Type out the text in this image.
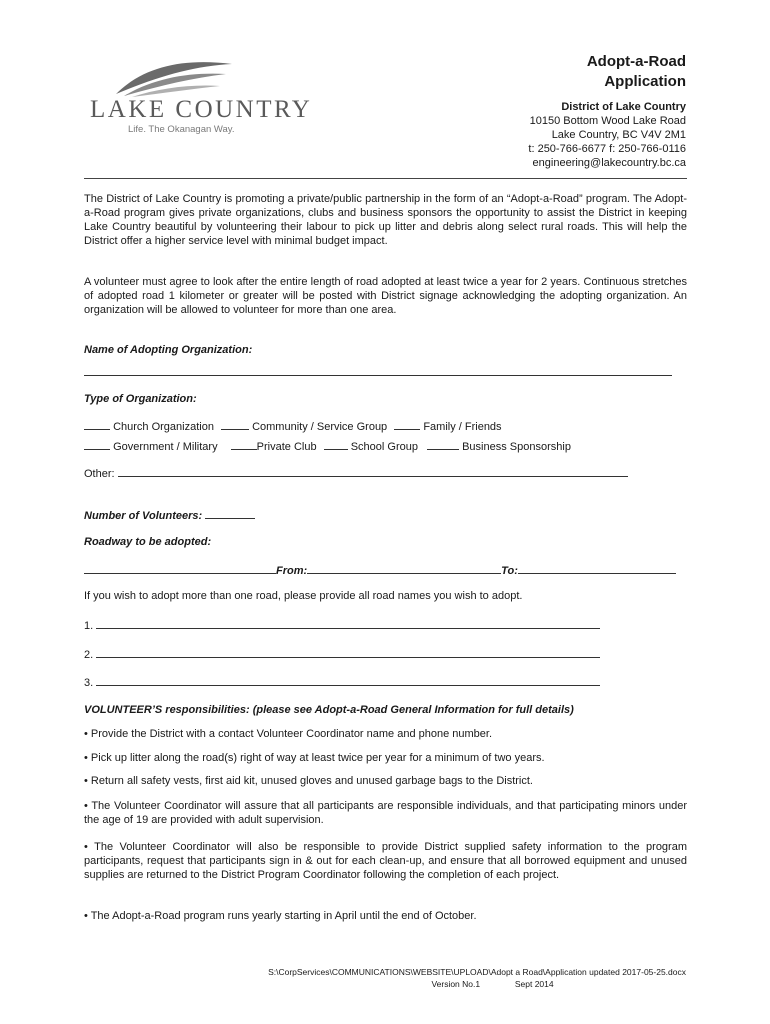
LAKE COUNTRY
Life. The Okanagan Way.
Adopt-a-Road
Application
District of Lake Country
10150 Bottom Wood Lake Road
Lake Country, BC V4V 2M1
t: 250-766-6677 f: 250-766-0116
engineering@lakecountry.bc.ca
The District of Lake Country is promoting a private/public partnership in the form of an “Adopt-a-Road” program. The Adopt-a-Road program gives private organizations, clubs and business sponsors the opportunity to assist the District in keeping Lake Country beautiful by volunteering their labour to pick up litter and debris along select rural roads. This will help the District offer a higher service level with minimal budget impact.
A volunteer must agree to look after the entire length of road adopted at least twice a year for 2 years. Continuous stretches of adopted road 1 kilometer or greater will be posted with District signage acknowledging the adopting organization. An organization will be allowed to volunteer for more than one area.
Name of Adopting Organization:
Type of Organization:
Church Organization	Community / Service Group	Family / Friends
Government / Military	Private Club	School Group	Business Sponsorship
Other:
Number of Volunteers:
Roadway to be adopted:
From:	To:
If you wish to adopt more than one road, please provide all road names you wish to adopt.
1.
2.
3.
VOLUNTEER’S responsibilities: (please see Adopt-a-Road General Information for full details)
• Provide the District with a contact Volunteer Coordinator name and phone number.
• Pick up litter along the road(s) right of way at least twice per year for a minimum of two years.
• Return all safety vests, first aid kit, unused gloves and unused garbage bags to the District.
• The Volunteer Coordinator will assure that all participants are responsible individuals, and that participating minors under the age of 19 are provided with adult supervision.
• The Volunteer Coordinator will also be responsible to provide District supplied safety information to the program participants, request that participants sign in & out for each clean-up, and ensure that all borrowed equipment and unused supplies are returned to the District Program Coordinator following the completion of each project.
• The Adopt-a-Road program runs yearly starting in April until the end of October.
S:\CorpServices\COMMUNICATIONS\WEBSITE\UPLOAD\Adopt a Road\Application updated 2017-05-25.docx
Version No.1	Sept 2014
